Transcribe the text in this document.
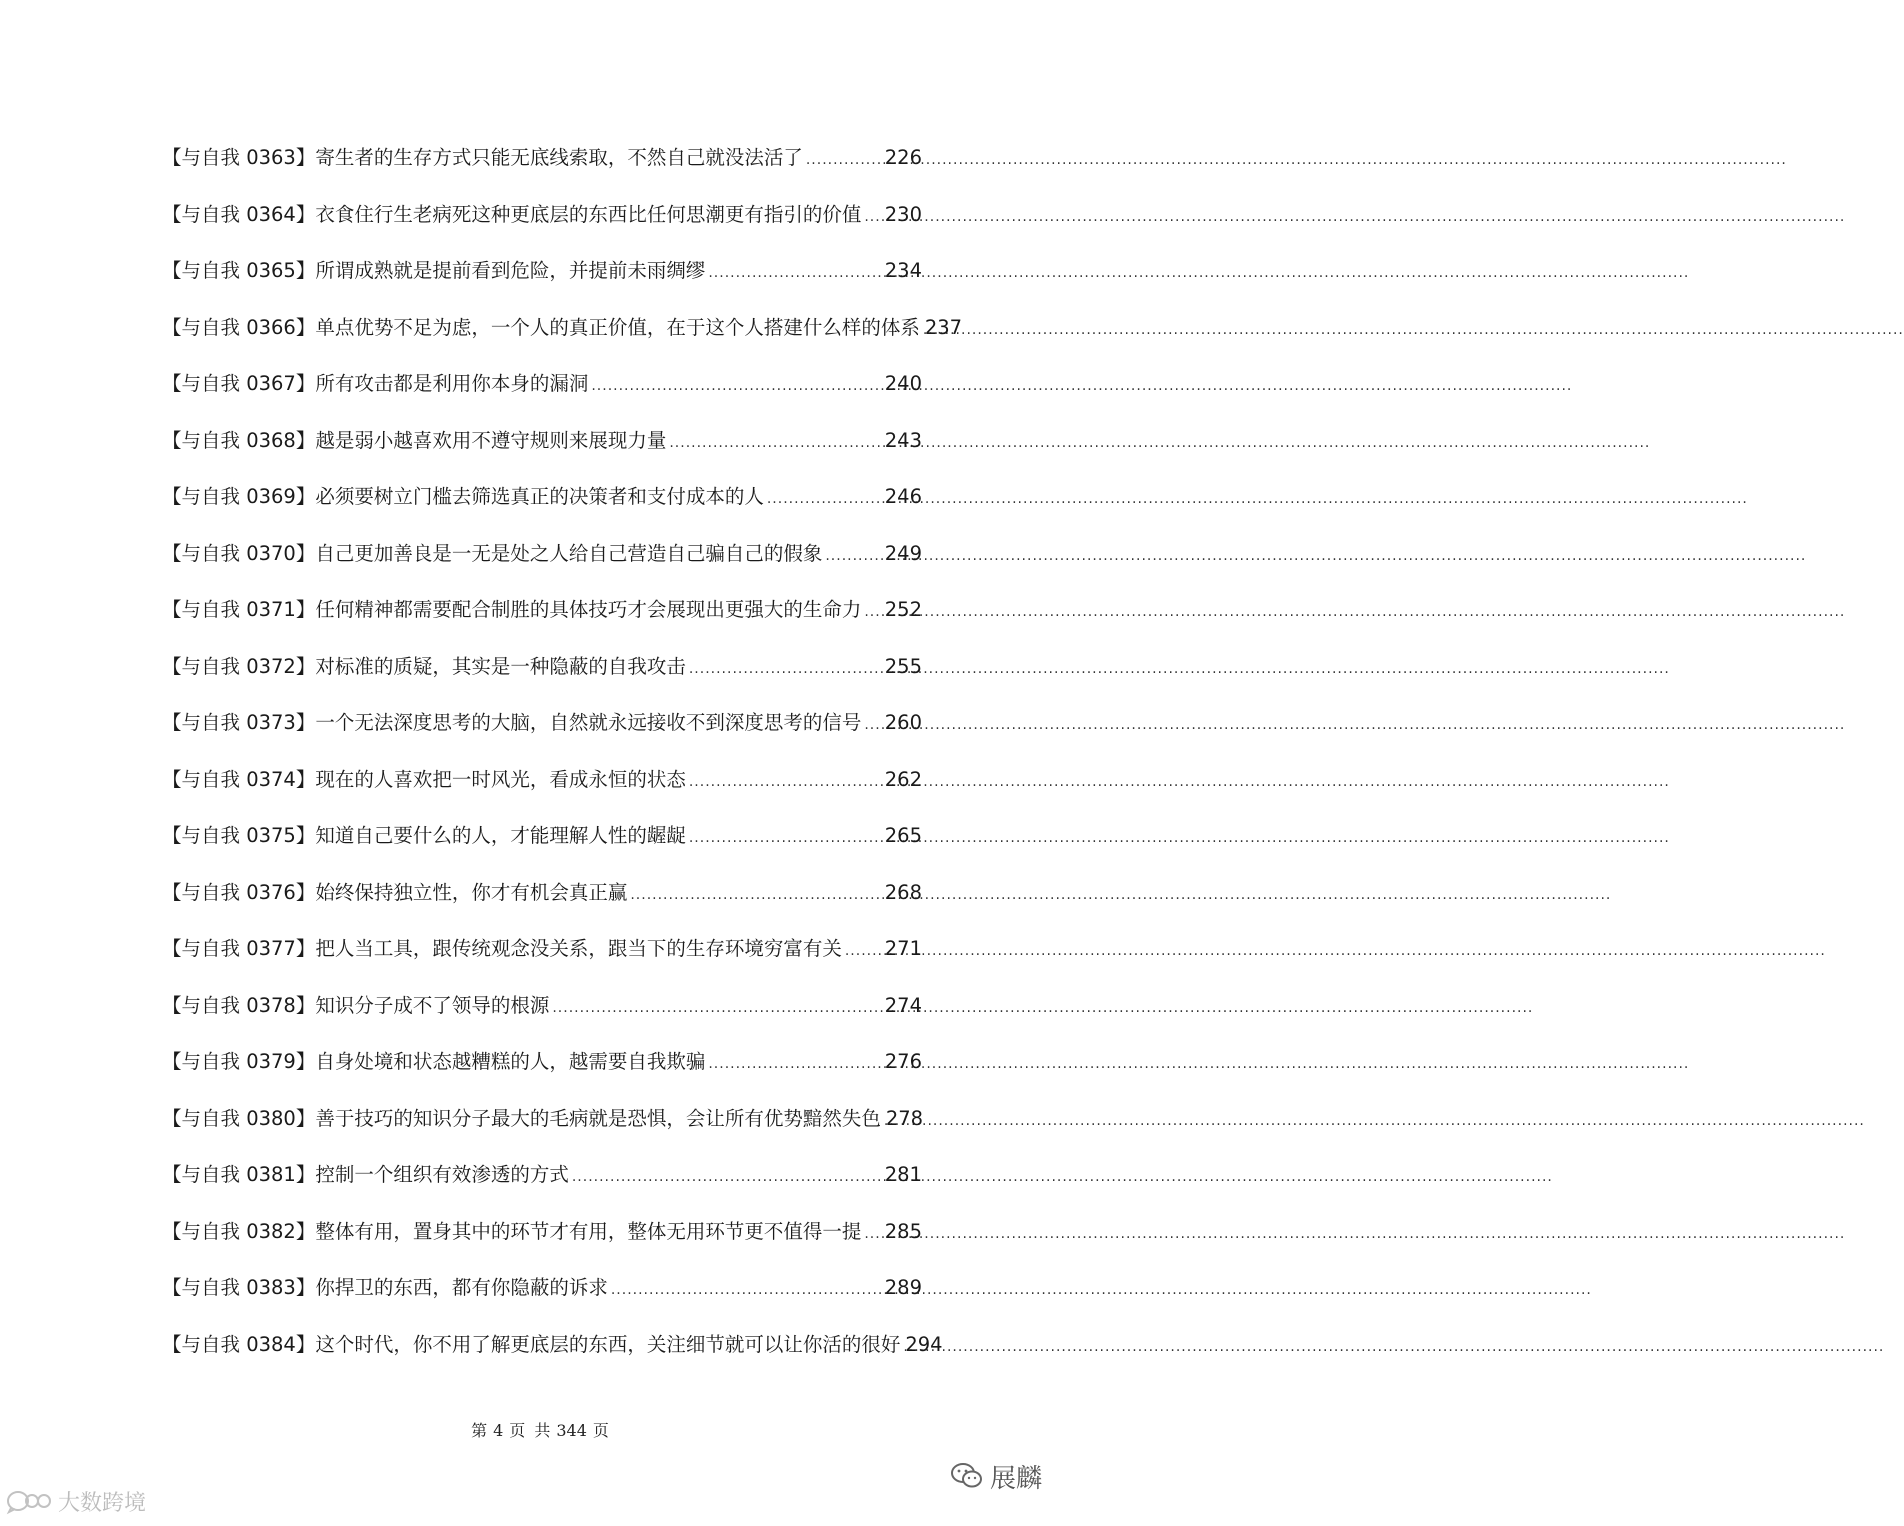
【与自我 0363】 寄生者的生存方式只能无底线索取，不然自己就没法活了 .....	226
【与自我 0364】 衣食住行生老病死这种更底层的东西比任何思潮更有指引的价值 ..... 230
【与自我 0365】 所谓成熟就是提前看到危险，并提前未雨绸缪 .....	234
【与自我 0366】 单点优势不足为虑，一个人的真正价值，在于这个人搭建什么样的体系 ..... 237
【与自我 0367】 所有攻击都是利用你本身的漏洞 .....	240
【与自我 0368】 越是弱小越喜欢用不遵守规则来展现力量 .....	243
【与自我 0369】 必须要树立门槛去筛选真正的决策者和支付成本的人 .....	246
【与自我 0370】 自己更加善良是一无是处之人给自己营造自己骗自己的假象 .....	249
【与自我 0371】 任何精神都需要配合制胜的具体技巧才会展现出更强大的生命力 ..... 252
【与自我 0372】 对标准的质疑，其实是一种隐蔽的自我攻击 .....	255
【与自我 0373】 一个无法深度思考的大脑，自然就永远接收不到深度思考的信号 ..... 260
【与自我 0374】 现在的人喜欢把一时风光，看成永恒的状态 .....	262
【与自我 0375】 知道自己要什么的人，才能理解人性的龌龊 .....	265
【与自我 0376】 始终保持独立性，你才有机会真正赢 .....	268
【与自我 0377】 把人当工具，跟传统观念没关系，跟当下的生存环境穷富有关 ..... 271
【与自我 0378】 知识分子成不了领导的根源 .....	274
【与自我 0379】 自身处境和状态越糟糕的人，越需要自我欺骗 .....	276
【与自我 0380】 善于技巧的知识分子最大的毛病就是恐惧，会让所有优势黯然失色 ..... 278
【与自我 0381】 控制一个组织有效渗透的方式 .....	281
【与自我 0382】 整体有用，置身其中的环节才有用，整体无用环节更不值得一提 ..... 285
【与自我 0383】 你捍卫的东西，都有你隐蔽的诉求 .....	289
【与自我 0384】 这个时代，你不用了解更底层的东西，关注细节就可以让你活的很好 ..... 294
第 4 页 共 344 页
大数跨境
展麟
